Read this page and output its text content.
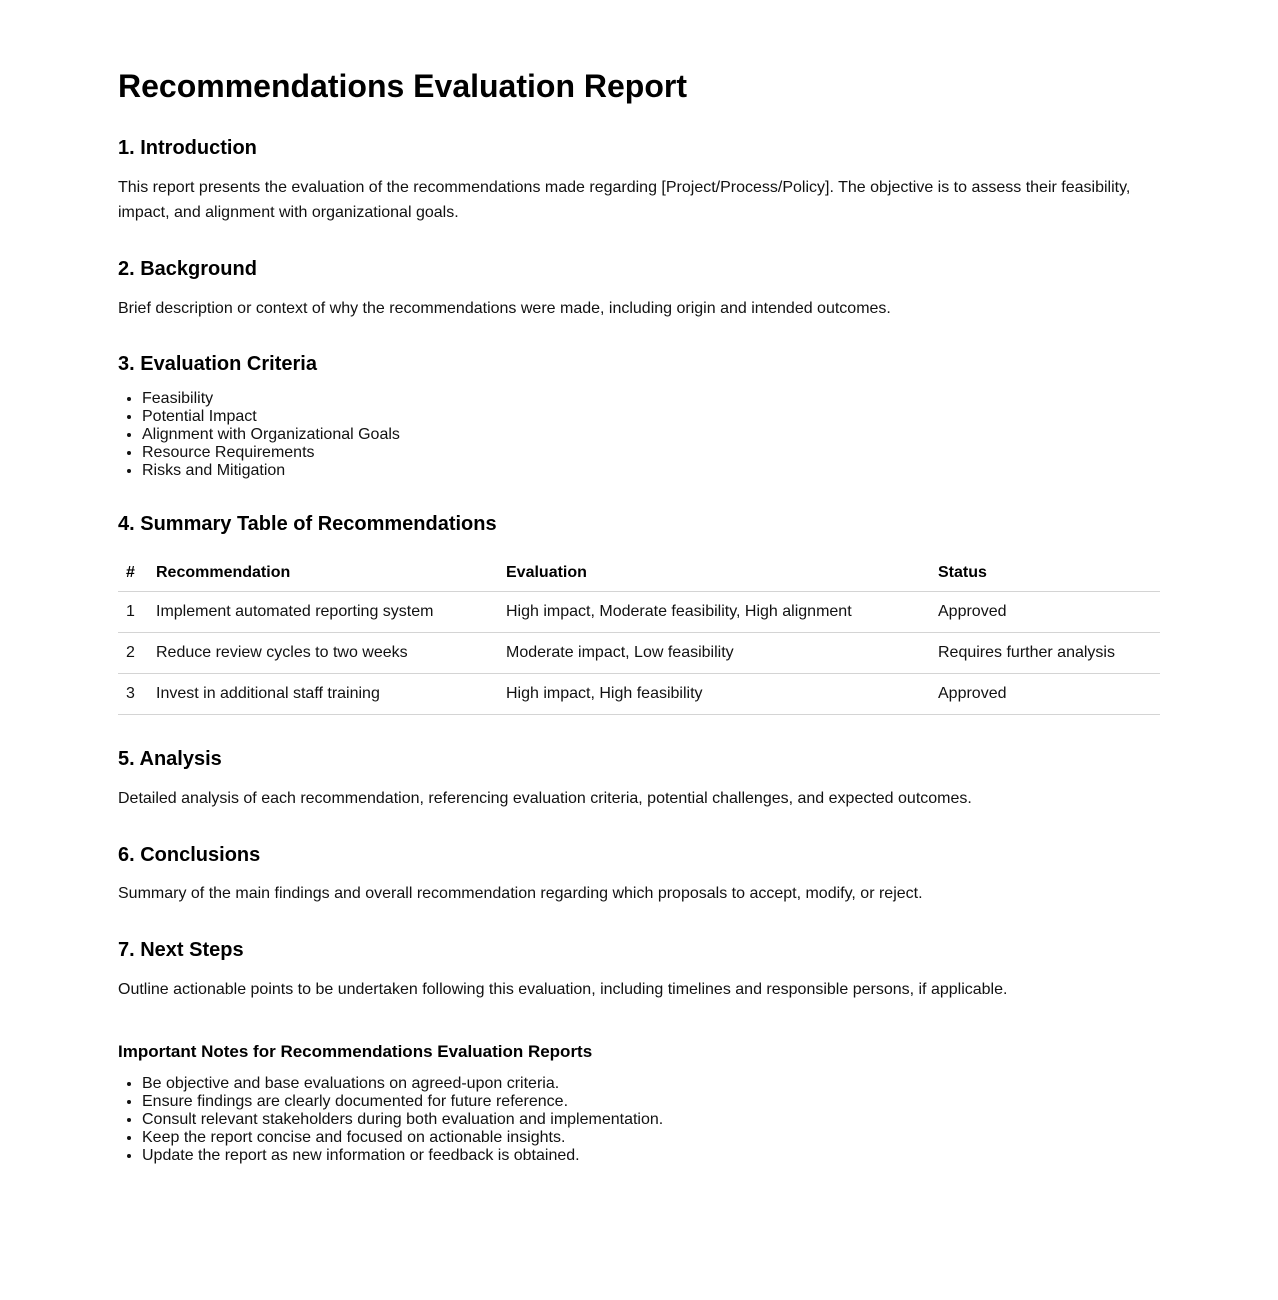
Recommendations Evaluation Report
1. Introduction

This report presents the evaluation of the recommendations made regarding [Project/Process/Policy]. The objective is to assess their feasibility, impact, and alignment with organizational goals.

2. Background

Brief description or context of why the recommendations were made, including origin and intended outcomes.

3. Evaluation Criteria
• Feasibility
• Potential Impact
• Alignment with Organizational Goals
• Resource Requirements
• Risks and Mitigation
4. Summary Table of Recommendations
#	Recommendation	Evaluation	Status
1	Implement automated reporting system	High impact, Moderate feasibility, High alignment	Approved
2	Reduce review cycles to two weeks	Moderate impact, Low feasibility	Requires further analysis
3	Invest in additional staff training	High impact, High feasibility	Approved
5. Analysis

Detailed analysis of each recommendation, referencing evaluation criteria, potential challenges, and expected outcomes.

6. Conclusions

Summary of the main findings and overall recommendation regarding which proposals to accept, modify, or reject.

7. Next Steps

Outline actionable points to be undertaken following this evaluation, including timelines and responsible persons, if applicable.

Important Notes for Recommendations Evaluation Reports
• Be objective and base evaluations on agreed-upon criteria.
• Ensure findings are clearly documented for future reference.
• Consult relevant stakeholders during both evaluation and implementation.
• Keep the report concise and focused on actionable insights.
• Update the report as new information or feedback is obtained.
